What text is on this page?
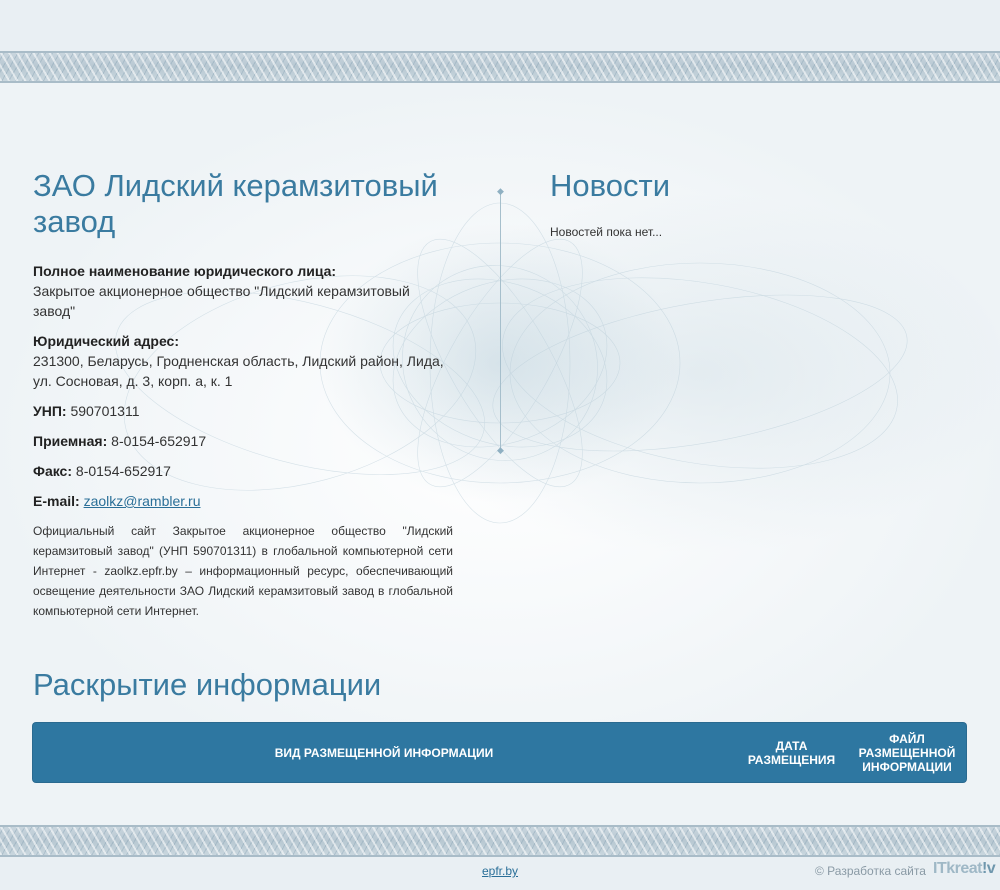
ЗАО Лидский керамзитовый завод
Полное наименование юридического лица:
Закрытое акционерное общество "Лидский керамзитовый завод"
Юридический адрес:
231300, Беларусь, Гродненская область, Лидский район, Лида, ул. Сосновая, д. 3, корп. а, к. 1
УНП: 590701311
Приемная: 8-0154-652917
Факс: 8-0154-652917
E-mail: zaolkz@rambler.ru
Официальный сайт Закрытое акционерное общество "Лидский керамзитовый завод" (УНП 590701311) в глобальной компьютерной сети Интернет - zaolkz.epfr.by – информационный ресурс, обеспечивающий освещение деятельности ЗАО Лидский керамзитовый завод в глобальной компьютерной сети Интернет.
◆
◆
Новости
Новостей пока нет...
Раскрытие информации
ВИД РАЗМЕЩЕННОЙ ИНФОРМАЦИИ	ДАТА РАЗМЕЩЕНИЯ
ФАЙЛ РАЗМЕЩЕННОЙ ИНФОРМАЦИИ
epfr.by	© Разработка сайта ITkreat!v
